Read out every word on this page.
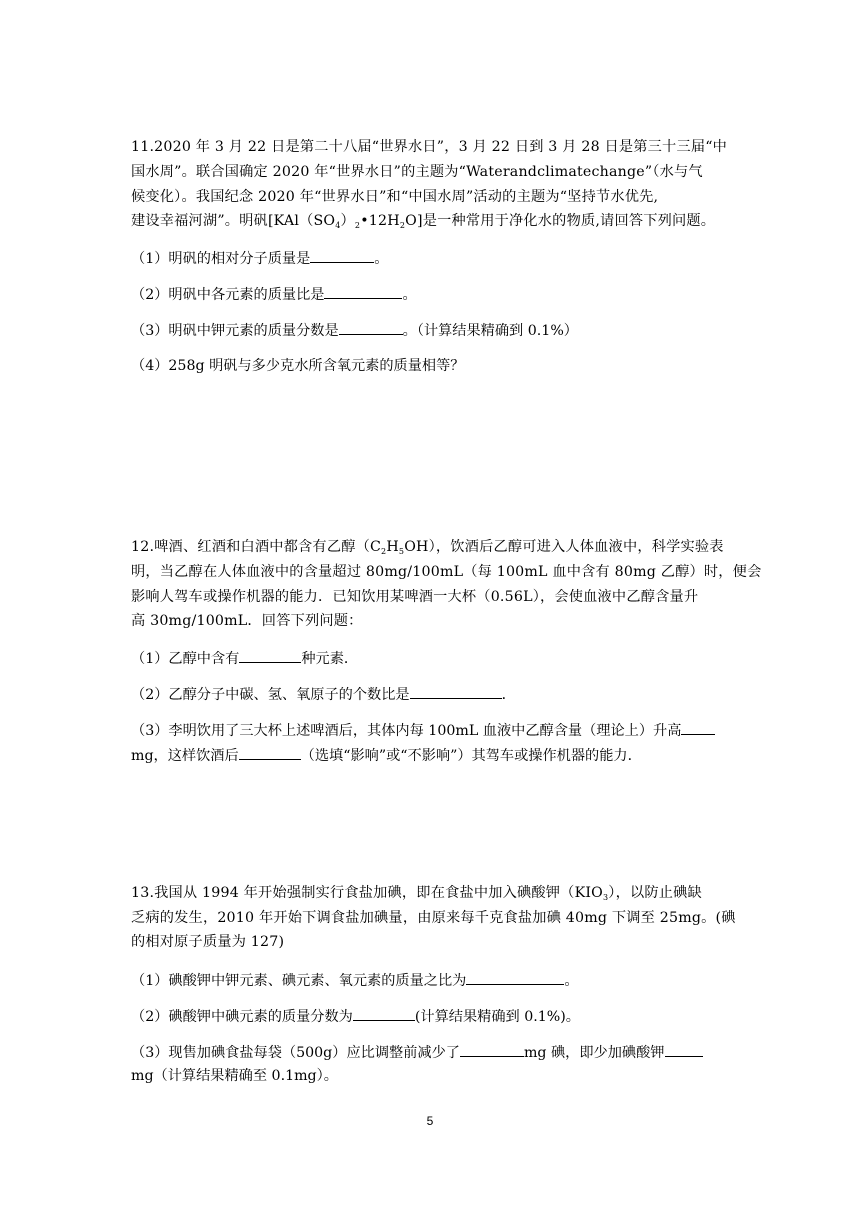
11.2020 年 3 月 22 日是第二十八届“世界水日”，3 月 22 日到 3 月 28 日是第三十三届“中
国水周”。联合国确定 2020 年“世界水日”的主题为“Waterandclimatechange”（水与气
候变化）。我国纪念 2020 年“世界水日”和“中国水周”活动的主题为“坚持节水优先,
建设幸福河湖”。明矾$[KAl(SO_4)_2•12H_2O]$是一种常用于净化水的物质,请回答下列问题。
（1）明矾的相对分子质量是	。
（2）明矾中各元素的质量比是	。
（3）明矾中钾元素的质量分数是	。（计算结果精确到 0.1%）
（4）258g 明矾与多少克水所含氧元素的质量相等？
12.啤酒、红酒和白酒中都含有乙醇$(C_2H_5OH)$，饮酒后乙醇可进入人体血液中，科学实验表
明，当乙醇在人体血液中的含量超过 80mg/100mL（每 100mL 血中含有 80mg 乙醇）时，便会
影响人驾车或操作机器的能力．已知饮用某啤酒一大杯（0.56L），会使血液中乙醇含量升
高 30mg/100mL．回答下列问题：
（1）乙醇中含有	种元素．
（2）乙醇分子中碳、氢、氧原子的个数比是	．
（3）李明饮用了三大杯上述啤酒后，其体内每 100mL 血液中乙醇含量（理论上）升高
mg，这样饮酒后	（选填“影响”或“不影响”）其驾车或操作机器的能力．
13.我国从 1994 年开始强制实行食盐加碘，即在食盐中加入碘酸钾$(KIO_3)$，以防止碘缺
乏病的发生，2010 年开始下调食盐加碘量，由原来每千克食盐加碘 40mg 下调至 25mg。(碘
的相对原子质量为 127)
（1）碘酸钾中钾元素、碘元素、氧元素的质量之比为	。
（2）碘酸钾中碘元素的质量分数为	(计算结果精确到 0.1%)。
（3）现售加碘食盐每袋（500g）应比调整前减少了	mg 碘，即少加碘酸钾
mg（计算结果精确至 0.1mg）。
5
